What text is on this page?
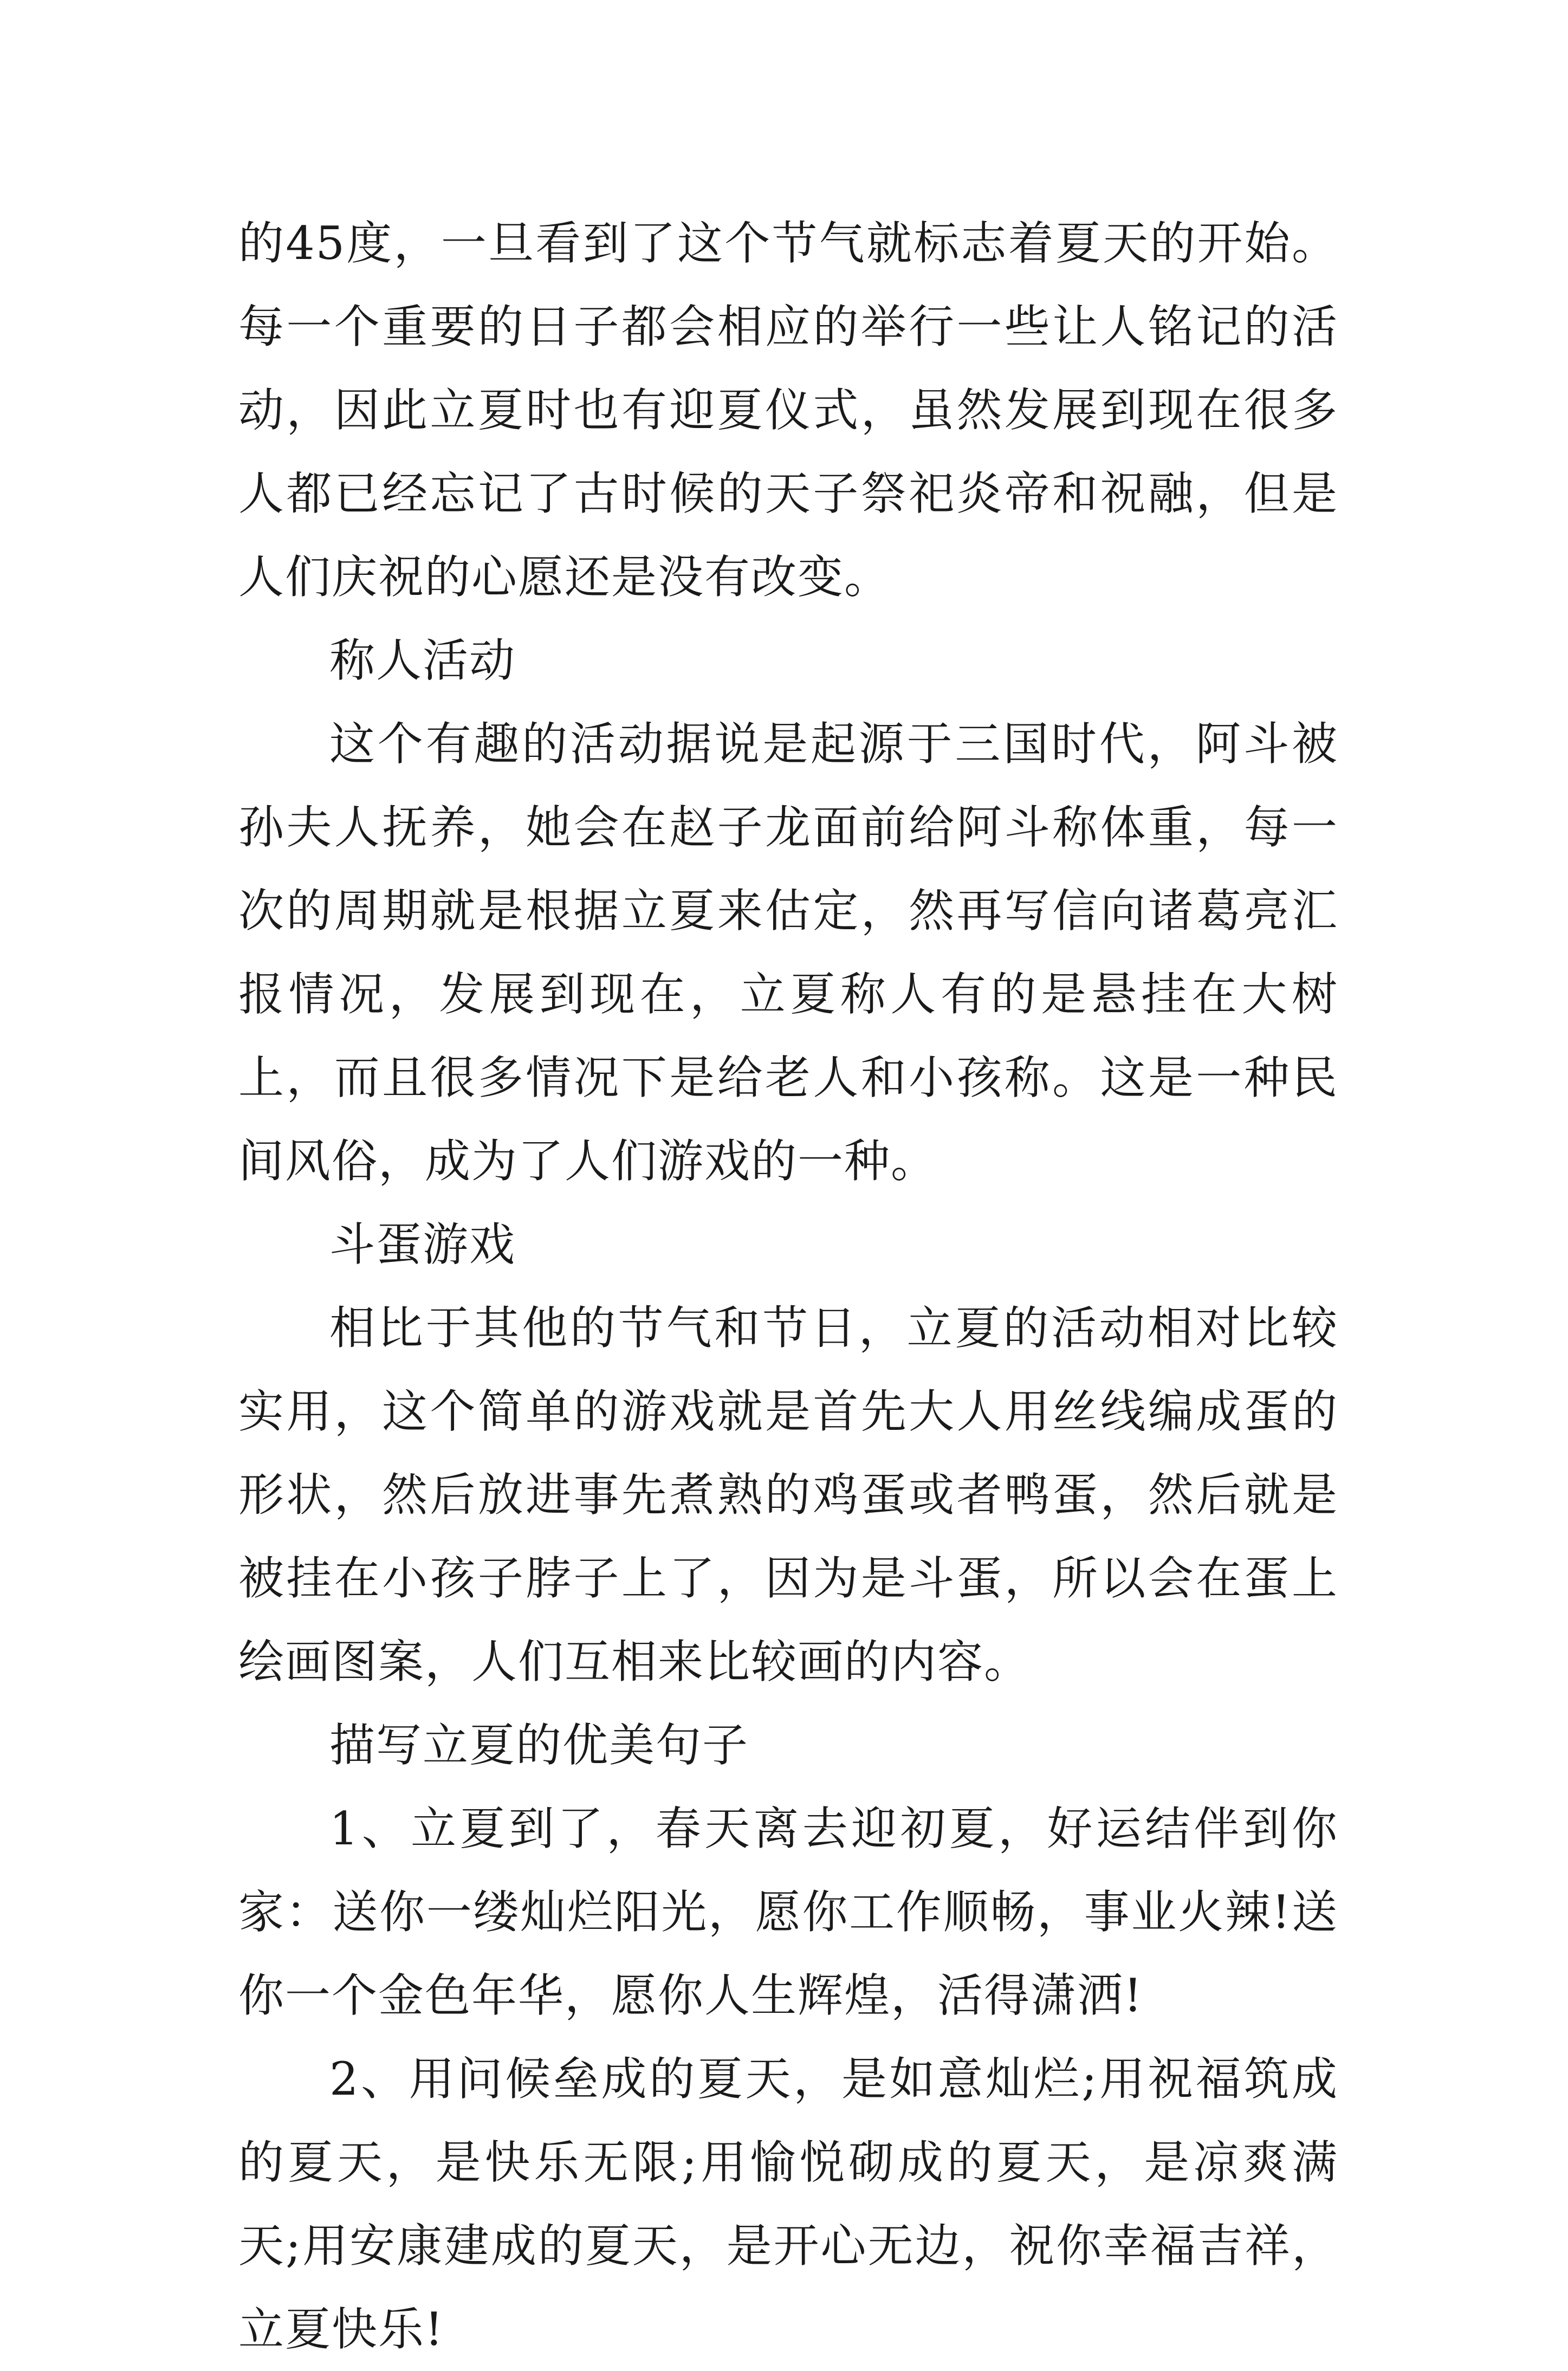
的45度，一旦看到了这个节气就标志着夏天的开始。每一个重要的日子都会相应的举行一些让人铭记的活动，因此立夏时也有迎夏仪式，虽然发展到现在很多人都已经忘记了古时候的天子祭祀炎帝和祝融，但是人们庆祝的心愿还是没有改变。

称人活动

这个有趣的活动据说是起源于三国时代，阿斗被孙夫人抚养，她会在赵子龙面前给阿斗称体重，每一次的周期就是根据立夏来估定，然再写信向诸葛亮汇报情况，发展到现在，立夏称人有的是悬挂在大树上，而且很多情况下是给老人和小孩称。这是一种民间风俗，成为了人们游戏的一种。

斗蛋游戏

相比于其他的节气和节日，立夏的活动相对比较实用，这个简单的游戏就是首先大人用丝线编成蛋的形状，然后放进事先煮熟的鸡蛋或者鸭蛋，然后就是被挂在小孩子脖子上了，因为是斗蛋，所以会在蛋上绘画图案，人们互相来比较画的内容。

描写立夏的优美句子

1、立夏到了，春天离去迎初夏，好运结伴到你家：送你一缕灿烂阳光，愿你工作顺畅，事业火辣!送你一个金色年华，愿你人生辉煌，活得潇洒!

2、用问候垒成的夏天，是如意灿烂;用祝福筑成的夏天，是快乐无限;用愉悦砌成的夏天，是凉爽满天;用安康建成的夏天，是开心无边，祝你幸福吉祥，立夏快乐!
